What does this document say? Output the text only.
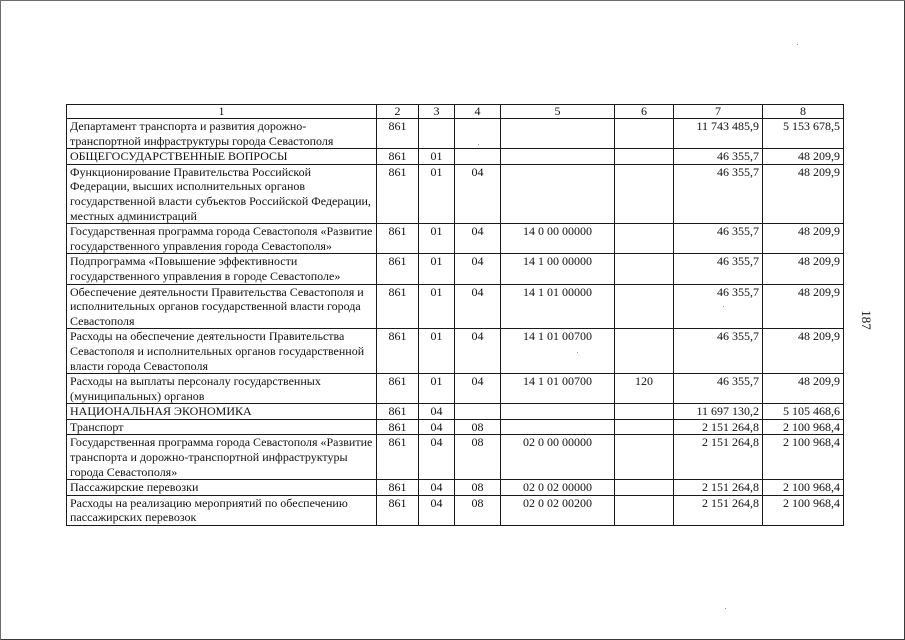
1	2	3	4	5	6	7	8
Департамент транспорта и развития дорожно-транспортной инфраструктуры города Севастополя	861					11 743 485,9	5 153 678,5
ОБЩЕГОСУДАРСТВЕННЫЕ ВОПРОСЫ	861	01				46 355,7	48 209,9
Функционирование Правительства Российской Федерации, высших исполнительных органов государственной власти субъектов Российской Федерации, местных администраций	861	01	04			46 355,7	48 209,9
Государственная программа города Севастополя «Развитие государственного управления города Севастополя»	861	01	04	14 0 00 00000		46 355,7	48 209,9
Подпрограмма «Повышение эффективности государственного управления в городе Севастополе»	861	01	04	14 1 00 00000		46 355,7	48 209,9
Обеспечение деятельности Правительства Севастополя и исполнительных органов государственной власти города Севастополя	861	01	04	14 1 01 00000		46 355,7	48 209,9
Расходы на обеспечение деятельности Правительства Севастополя и исполнительных органов государственной власти города Севастополя	861	01	04	14 1 01 00700		46 355,7	48 209,9
Расходы на выплаты персоналу государственных (муниципальных) органов	861	01	04	14 1 01 00700	120	46 355,7	48 209,9
НАЦИОНАЛЬНАЯ ЭКОНОМИКА	861	04				11 697 130,2	5 105 468,6
Транспорт	861	04	08			2 151 264,8	2 100 968,4
Государственная программа города Севастополя «Развитие транспорта и дорожно-транспортной инфраструктуры города Севастополя»	861	04	08	02 0 00 00000		2 151 264,8	2 100 968,4
Пассажирские перевозки	861	04	08	02 0 02 00000		2 151 264,8	2 100 968,4
Расходы на реализацию мероприятий по обеспечению пассажирских перевозок	861	04	08	02 0 02 00200		2 151 264,8	2 100 968,4
187
